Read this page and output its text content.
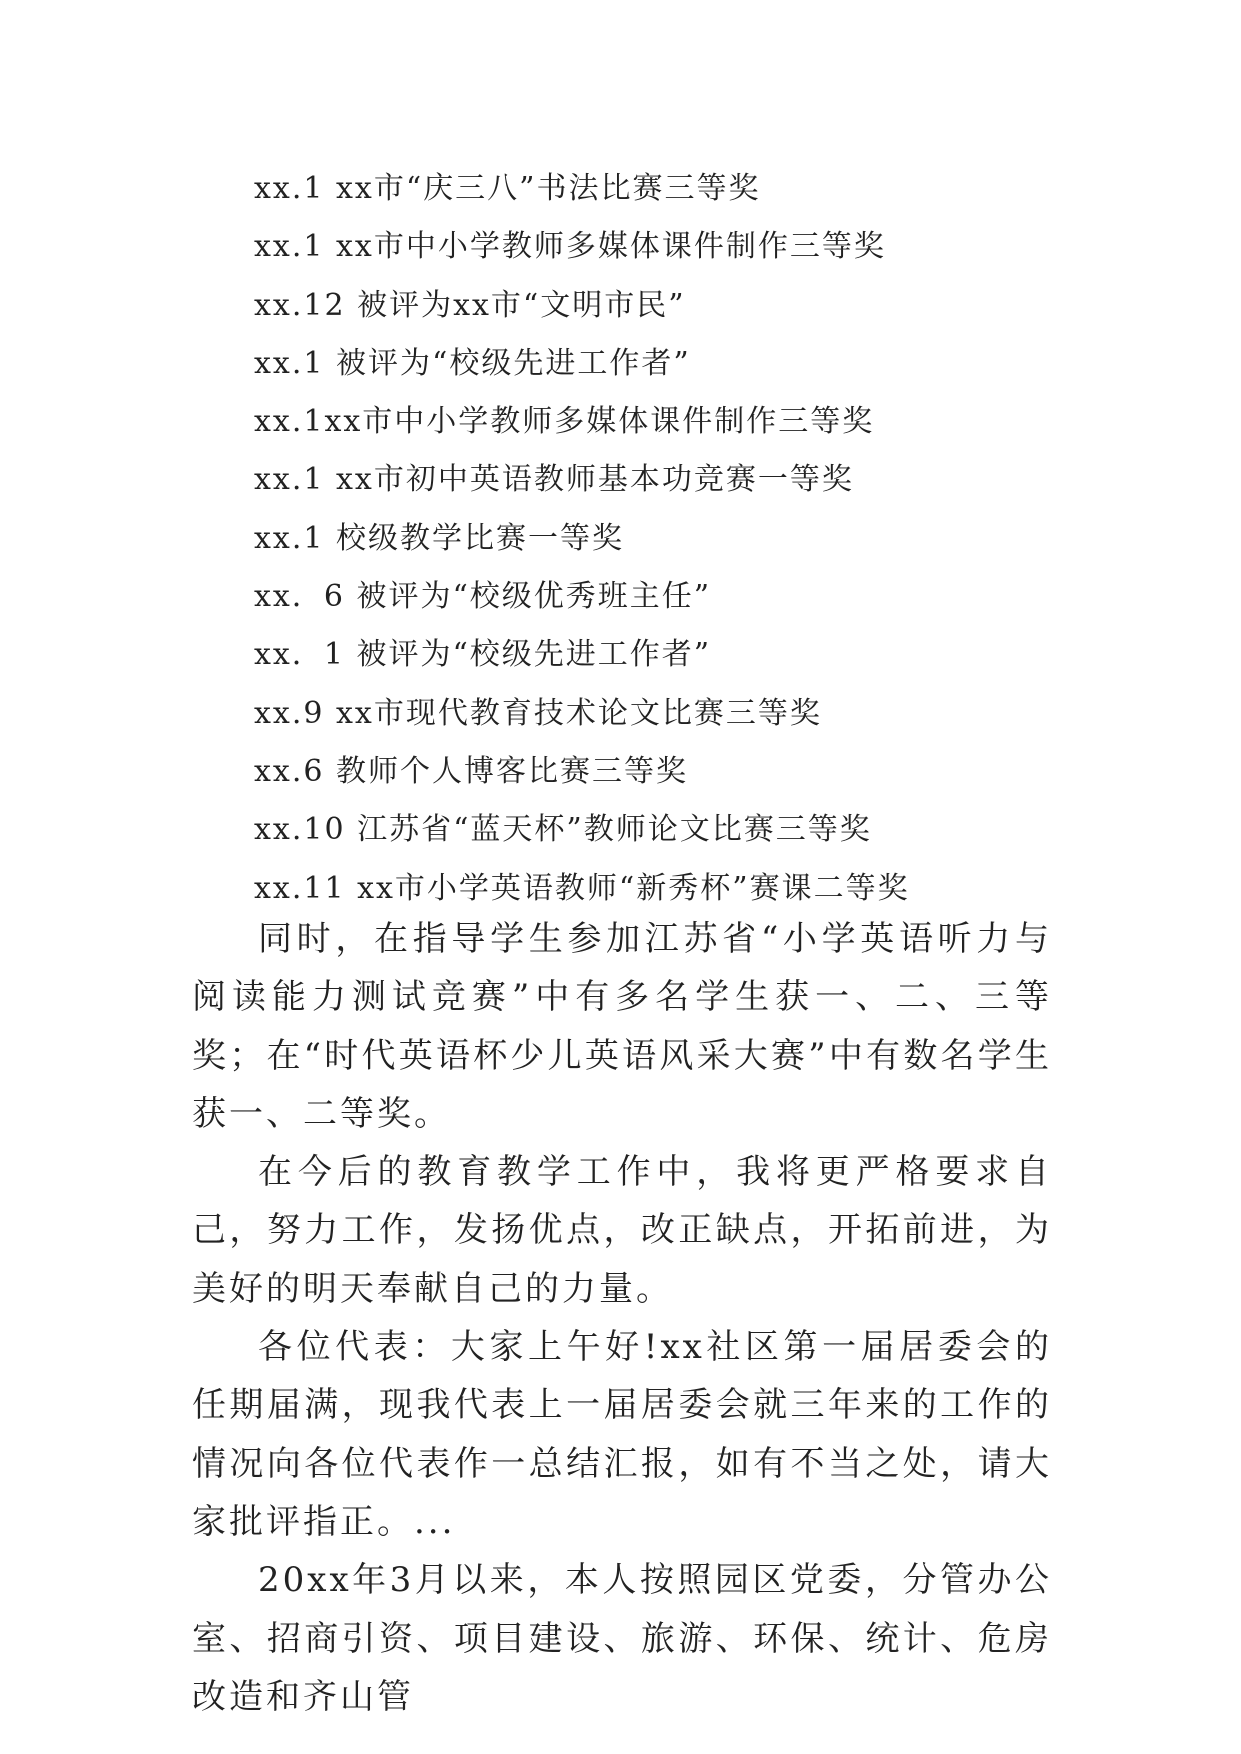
xx.1 xx市“庆三八”书法比赛三等奖
xx.1 xx市中小学教师多媒体课件制作三等奖
xx.12 被评为xx市“文明市民”
xx.1 被评为“校级先进工作者”
xx.1xx市中小学教师多媒体课件制作三等奖
xx.1 xx市初中英语教师基本功竞赛一等奖
xx.1 校级教学比赛一等奖
xx．6 被评为“校级优秀班主任”
xx．1 被评为“校级先进工作者”
xx.9 xx市现代教育技术论文比赛三等奖
xx.6 教师个人博客比赛三等奖
xx.10 江苏省“蓝天杯”教师论文比赛三等奖
xx.11 xx市小学英语教师“新秀杯”赛课二等奖

同时，在指导学生参加江苏省“小学英语听力与阅读能力测试竞赛”中有多名学生获一、二、三等奖；在“时代英语杯少儿英语风采大赛”中有数名学生获一、二等奖。

在今后的教育教学工作中，我将更严格要求自己，努力工作，发扬优点，改正缺点，开拓前进，为美好的明天奉献自己的力量。

各位代表：大家上午好!xx社区第一届居委会的任期届满，现我代表上一届居委会就三年来的工作的情况向各位代表作一总结汇报，如有不当之处，请大家批评指正。...

20xx年3月以来，本人按照园区党委，分管办公室、招商引资、项目建设、旅游、环保、统计、危房改造和齐山管
